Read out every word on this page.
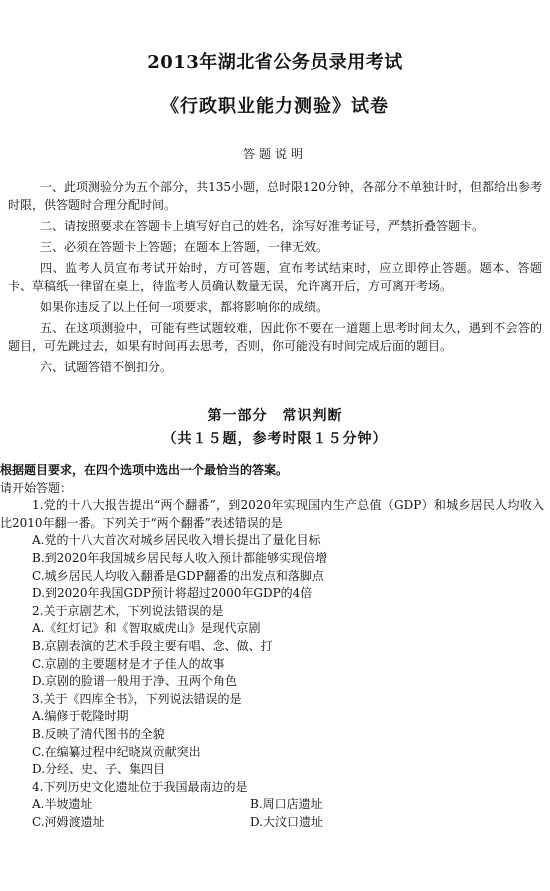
2013年湖北省公务员录用考试
《行政职业能力测验》试卷
答题说明

一、此项测验分为五个部分，共135小题，总时限120分钟，各部分不单独计时，但都给出参考时限，供答题时合理分配时间。

二、请按照要求在答题卡上填写好自己的姓名，涂写好准考证号，严禁折叠答题卡。

三、必须在答题卡上答题；在题本上答题，一律无效。

四、监考人员宣布考试开始时，方可答题，宣布考试结束时，应立即停止答题。题本、答题卡、草稿纸一律留在桌上，待监考人员确认数量无误，允许离开后，方可离开考场。

如果你违反了以上任何一项要求，都将影响你的成绩。

五、在这项测验中，可能有些试题较难，因此你不要在一道题上思考时间太久，遇到不会答的题目，可先跳过去，如果有时间再去思考，否则，你可能没有时间完成后面的题目。

六、试题答错不倒扣分。

第一部分　常识判断
（共１５题，参考时限１５分钟）
根据题目要求，在四个选项中选出一个最恰当的答案。
请开始答题：
1.党的十八大报告提出“两个翻番”，到2020年实现国内生产总值（GDP）和城乡居民人均收入比2010年翻一番。下列关于“两个翻番”表述错误的是
A.党的十八大首次对城乡居民收入增长提出了量化目标
B.到2020年我国城乡居民每人收入预计都能够实现倍增
C.城乡居民人均收入翻番是GDP翻番的出发点和落脚点
D.到2020年我国GDP预计将超过2000年GDP的4倍
2.关于京剧艺术，下列说法错误的是
A.《红灯记》和《智取威虎山》是现代京剧
B.京剧表演的艺术手段主要有唱、念、做、打
C.京剧的主要题材是才子佳人的故事
D.京剧的脸谱一般用于净、丑两个角色
3.关于《四库全书》，下列说法错误的是
A.编修于乾隆时期
B.反映了清代图书的全貌
C.在编纂过程中纪晓岚贡献突出
D.分经、史、子、集四目
4.下列历史文化遗址位于我国最南边的是
A.半坡遗址	B.周口店遗址
C.河姆渡遗址	D.大汶口遗址
